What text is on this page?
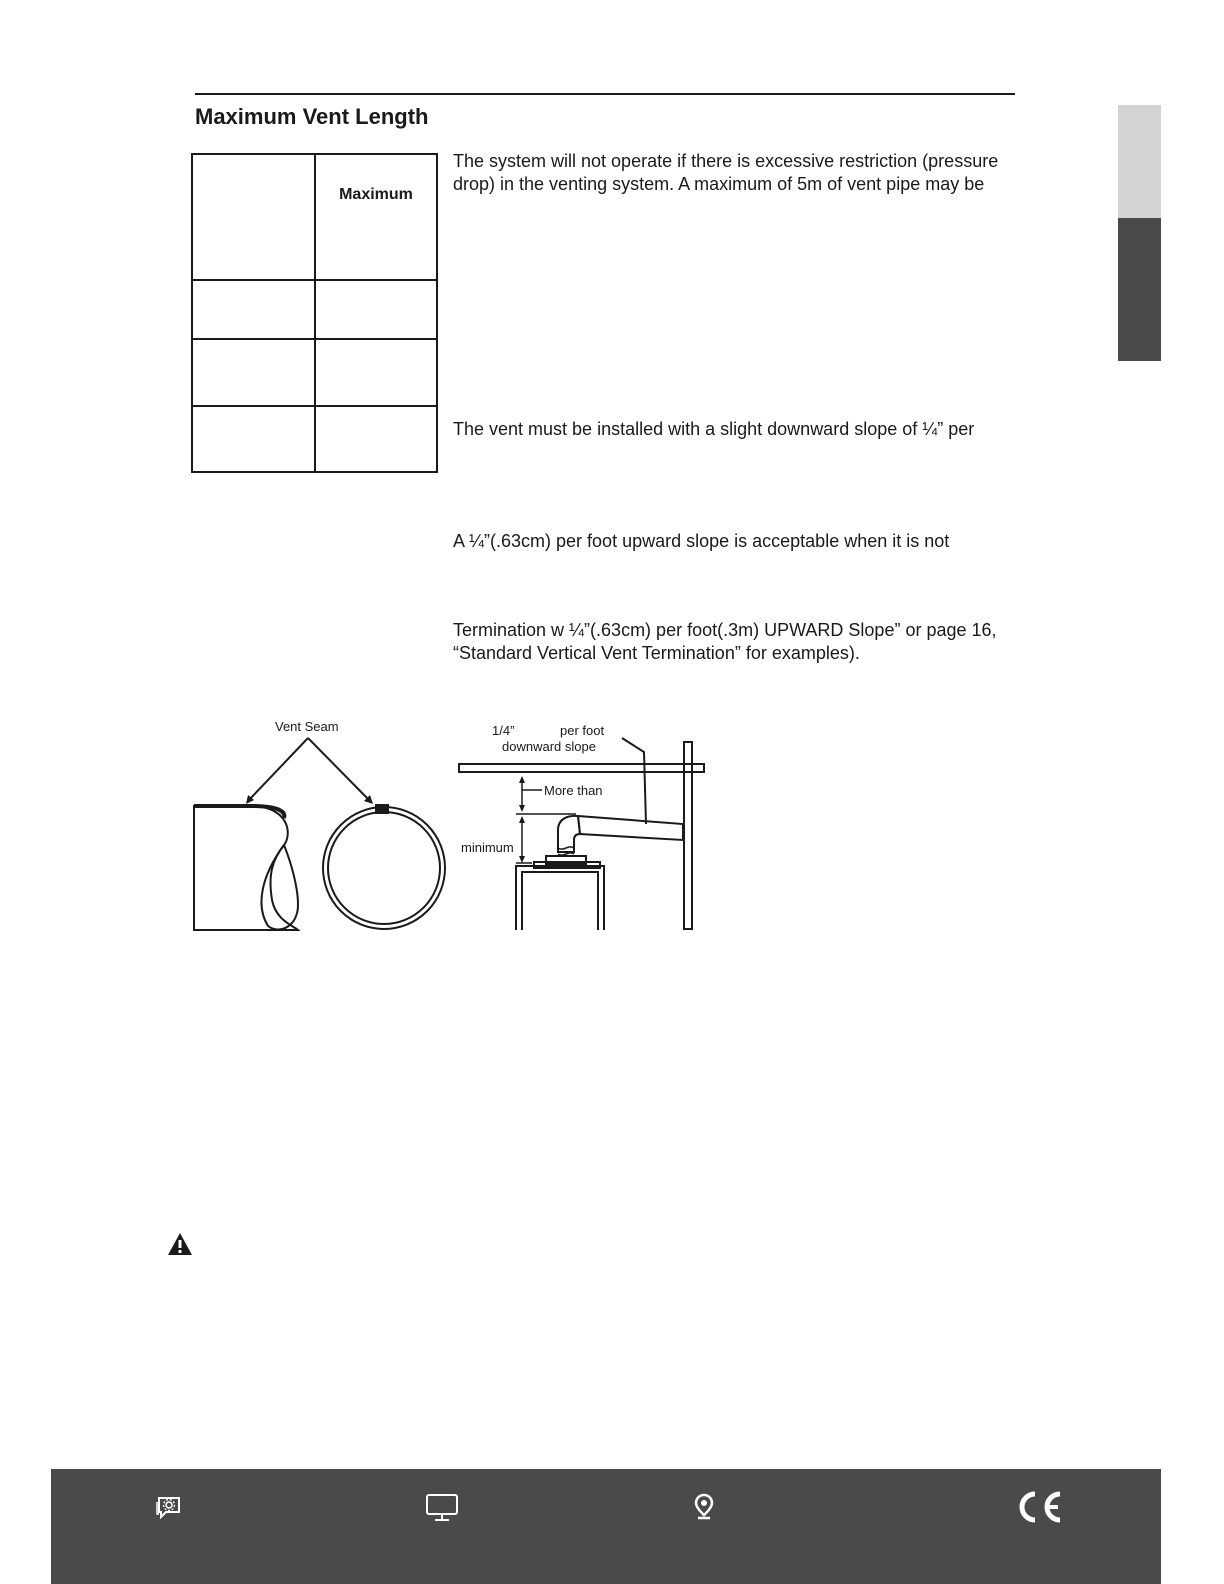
Maximum Vent Length

	Maximum

The system will not operate if there is excessive restriction (pressure
drop) in the venting system. A maximum of 5m of vent pipe may be
The vent must be installed with a slight downward slope of ¼” per
A ¼”(.63cm) per foot upward slope is acceptable when it is not
Termination w ¼”(.63cm) per foot(.3m) UPWARD Slope” or page 16,
“Standard Vertical Vent Termination” for examples).
Vent Seam	1/4”	per foot
downward slope
More than
minimum
